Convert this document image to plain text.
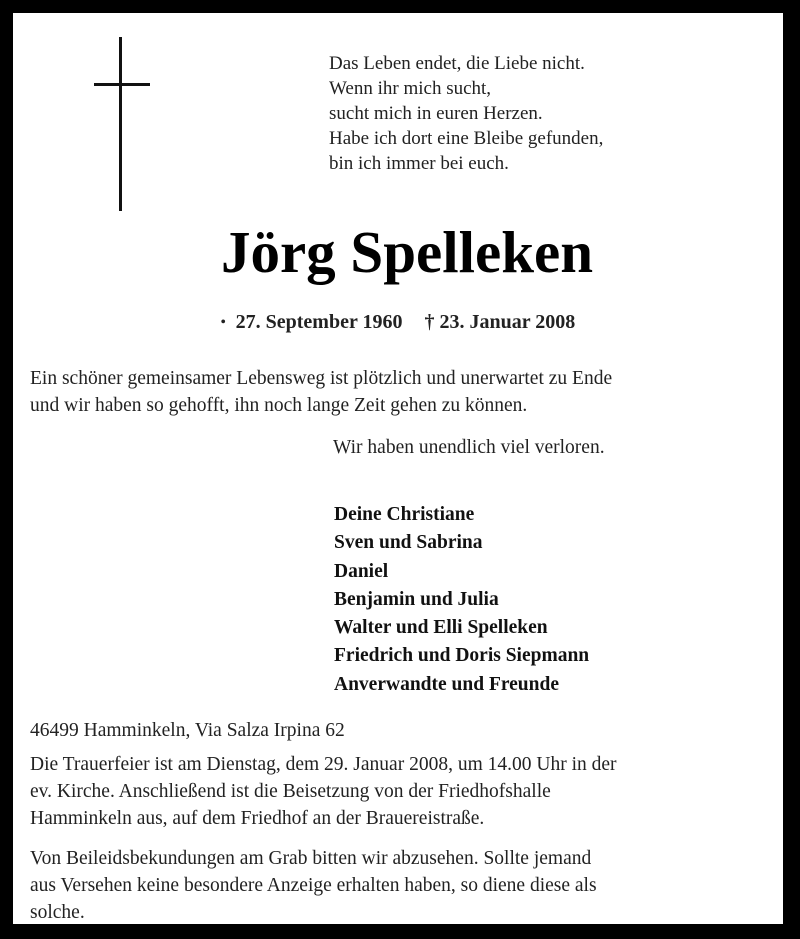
Das Leben endet, die Liebe nicht.
Wenn ihr mich sucht,
sucht mich in euren Herzen.
Habe ich dort eine Bleibe gefunden,
bin ich immer bei euch.
Jörg Spelleken
• 27. September 1960 † 23. Januar 2008
Ein schöner gemeinsamer Lebensweg ist plötzlich und unerwartet zu Ende
und wir haben so gehofft, ihn noch lange Zeit gehen zu können.
Wir haben unendlich viel verloren.
Deine Christiane
Sven und Sabrina
Daniel
Benjamin und Julia
Walter und Elli Spelleken
Friedrich und Doris Siepmann
Anverwandte und Freunde
46499 Hamminkeln, Via Salza Irpina 62
Die Trauerfeier ist am Dienstag, dem 29. Januar 2008, um 14.00 Uhr in der
ev. Kirche. Anschließend ist die Beisetzung von der Friedhofshalle
Hamminkeln aus, auf dem Friedhof an der Brauereistraße.
Von Beileidsbekundungen am Grab bitten wir abzusehen. Sollte jemand
aus Versehen keine besondere Anzeige erhalten haben, so diene diese als
solche.
